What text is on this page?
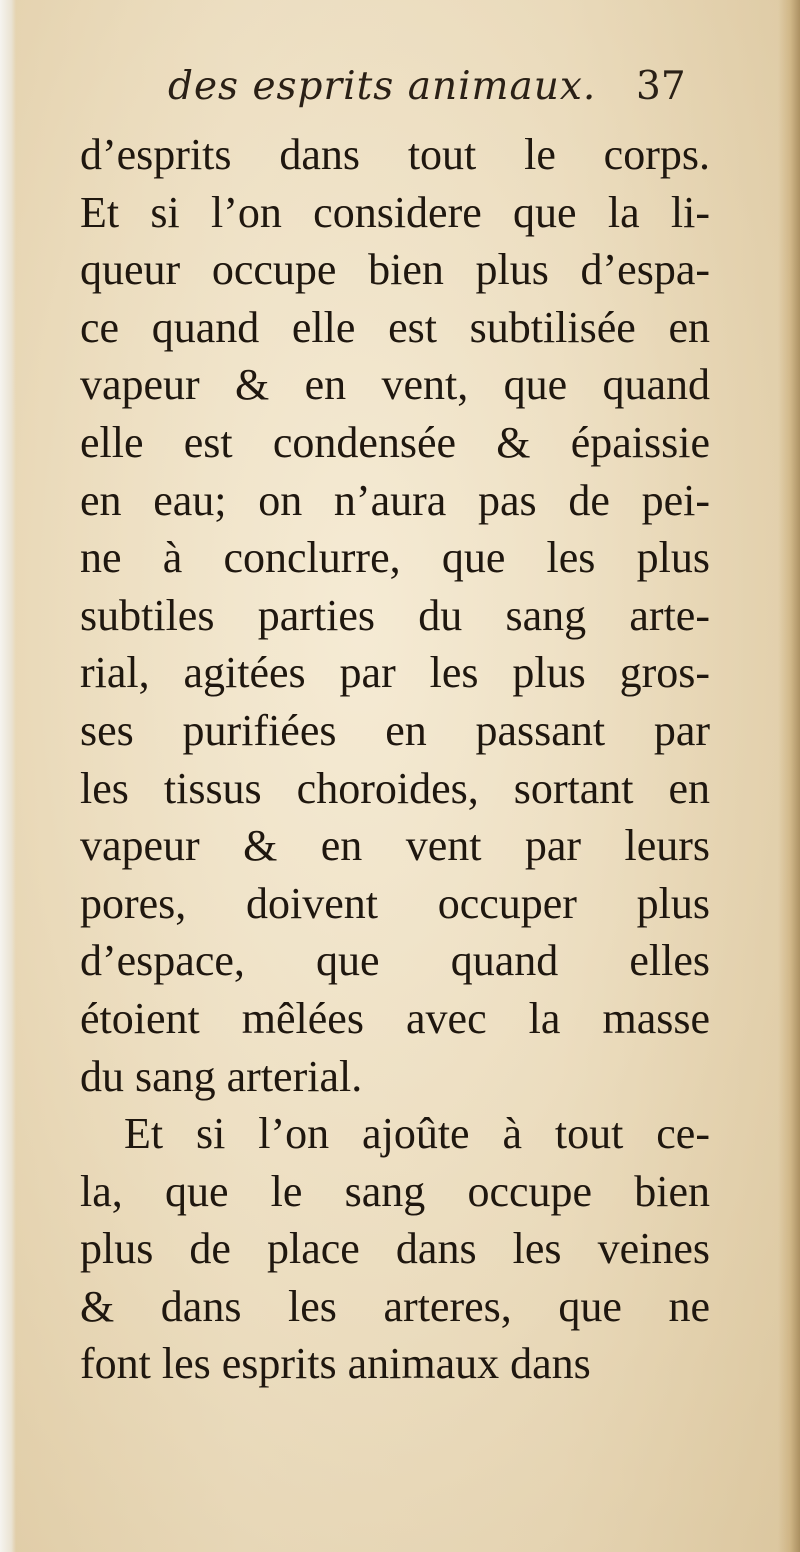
des esprits animaux. 37
d’esprits dans tout le corps.
Et si l’on considere que la li-
queur occupe bien plus d’espa-
ce quand elle est subtilisée en
vapeur & en vent, que quand
elle est condensée & épaissie
en eau; on n’aura pas de pei-
ne à conclurre, que les plus
subtiles parties du sang arte-
rial, agitées par les plus gros-
ses purifiées en passant par
les tissus choroides, sortant en
vapeur & en vent par leurs
pores, doivent occuper plus
d’espace, que quand elles
étoient mêlées avec la masse
du sang arterial.
Et si l’on ajoûte à tout ce-
la, que le sang occupe bien
plus de place dans les veines
& dans les arteres, que ne
font les esprits animaux dans
